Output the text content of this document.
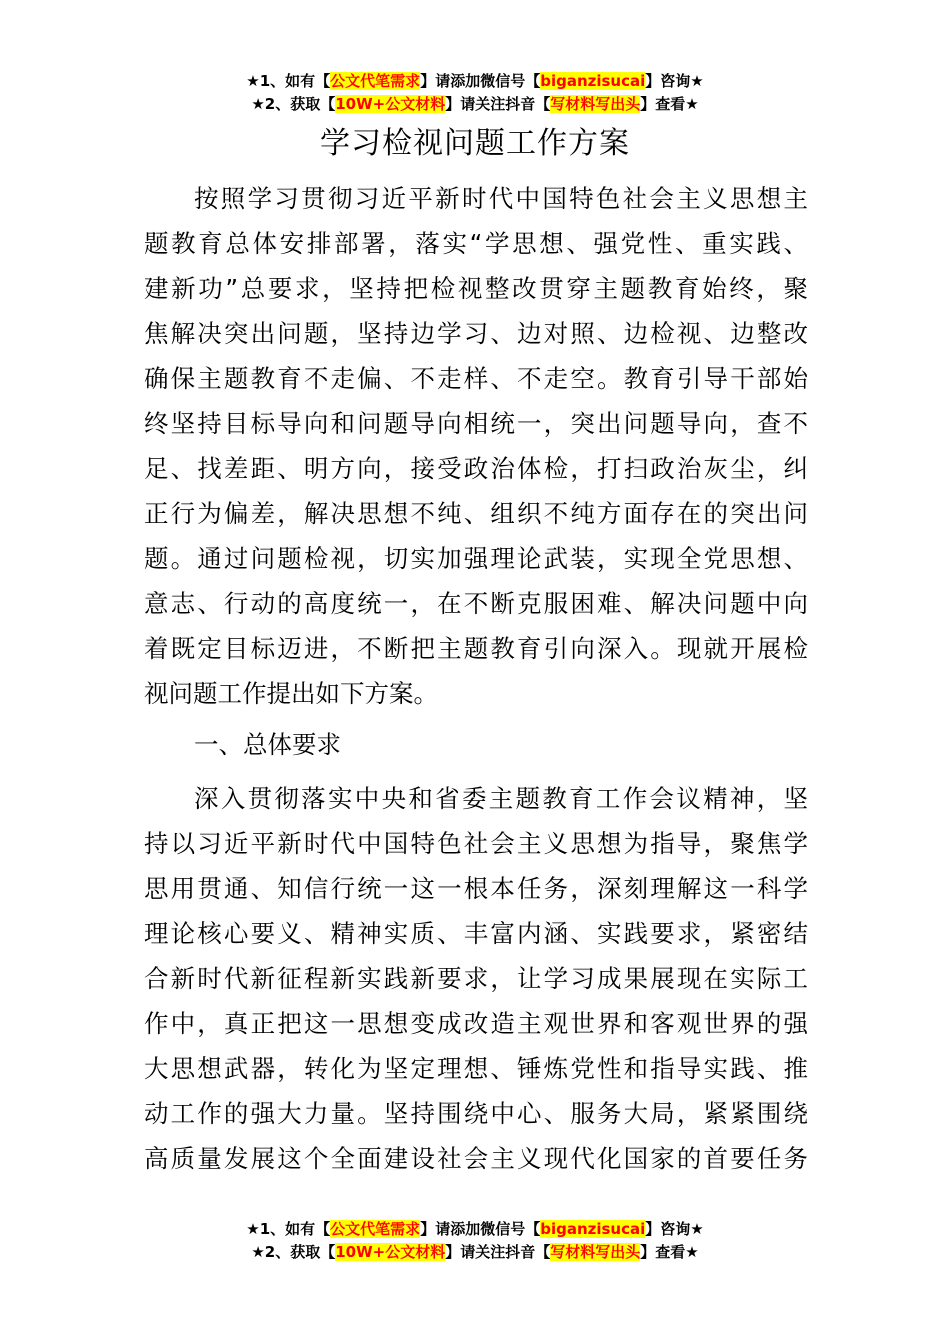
★1、如有【公文代笔需求】请添加微信号【biganzisucai】咨询★
★2、获取【10W+公文材料】请关注抖音【写材料写出头】查看★
学习检视问题工作方案
按照学习贯彻习近平新时代中国特色社会主义思想主
题教育总体安排部署，落实“学思想、强党性、重实践、
建新功”总要求，坚持把检视整改贯穿主题教育始终，聚
焦解决突出问题，坚持边学习、边对照、边检视、边整改
确保主题教育不走偏、不走样、不走空。教育引导干部始
终坚持目标导向和问题导向相统一，突出问题导向，查不
足、找差距、明方向，接受政治体检，打扫政治灰尘，纠
正行为偏差，解决思想不纯、组织不纯方面存在的突出问
题。通过问题检视，切实加强理论武装，实现全党思想、
意志、行动的高度统一，在不断克服困难、解决问题中向
着既定目标迈进，不断把主题教育引向深入。现就开展检
视问题工作提出如下方案。
一、总体要求
深入贯彻落实中央和省委主题教育工作会议精神，坚
持以习近平新时代中国特色社会主义思想为指导，聚焦学
思用贯通、知信行统一这一根本任务，深刻理解这一科学
理论核心要义、精神实质、丰富内涵、实践要求，紧密结
合新时代新征程新实践新要求，让学习成果展现在实际工
作中，真正把这一思想变成改造主观世界和客观世界的强
大思想武器，转化为坚定理想、锤炼党性和指导实践、推
动工作的强大力量。坚持围绕中心、服务大局，紧紧围绕
高质量发展这个全面建设社会主义现代化国家的首要任务
★1、如有【公文代笔需求】请添加微信号【biganzisucai】咨询★
★2、获取【10W+公文材料】请关注抖音【写材料写出头】查看★
